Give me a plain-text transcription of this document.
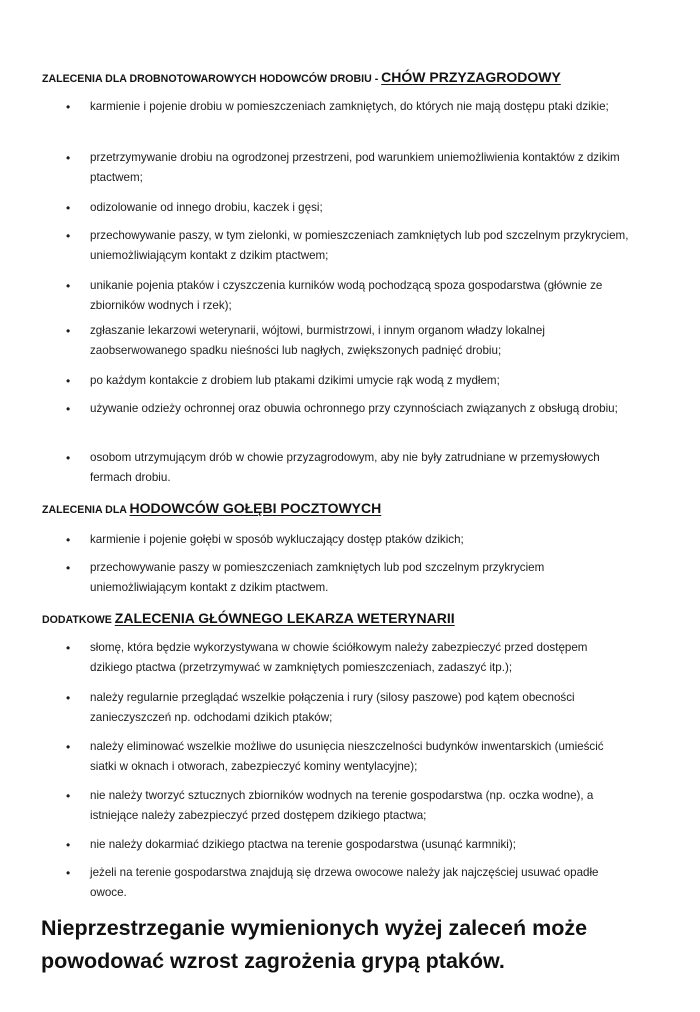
ZALECENIA DLA DROBNOTOWAROWYCH HODOWCÓW DROBIU - CHÓW PRZYZAGRODOWY
• karmienie i pojenie drobiu w pomieszczeniach zamkniętych, do których nie mają dostępu ptaki dzikie;
• przetrzymywanie drobiu na ogrodzonej przestrzeni, pod warunkiem uniemożliwienia kontaktów z dzikim ptactwem;
• odizolowanie od innego drobiu, kaczek i gęsi;
• przechowywanie paszy, w tym zielonki, w pomieszczeniach zamkniętych lub pod szczelnym przykryciem, uniemożliwiającym kontakt z dzikim ptactwem;
• unikanie pojenia ptaków i czyszczenia kurników wodą pochodzącą spoza gospodarstwa (głównie ze zbiorników wodnych i rzek);
• zgłaszanie lekarzowi weterynarii, wójtowi, burmistrzowi, i innym organom władzy lokalnej zaobserwowanego spadku nieśności lub nagłych, zwiększonych padnięć drobiu;
• po każdym kontakcie z drobiem lub ptakami dzikimi umycie rąk wodą z mydłem;
• używanie odzieży ochronnej oraz obuwia ochronnego przy czynnościach związanych z obsługą drobiu;
• osobom utrzymującym drób w chowie przyzagrodowym, aby nie były zatrudniane w przemysłowych fermach drobiu.
ZALECENIA DLA HODOWCÓW GOŁĘBI POCZTOWYCH
• karmienie i pojenie gołębi w sposób wykluczający dostęp ptaków dzikich;
• przechowywanie paszy w pomieszczeniach zamkniętych lub pod szczelnym przykryciem uniemożliwiającym kontakt z dzikim ptactwem.
DODATKOWE ZALECENIA GŁÓWNEGO LEKARZA WETERYNARII
• słomę, która będzie wykorzystywana w chowie ściółkowym należy zabezpieczyć przed dostępem dzikiego ptactwa (przetrzymywać w zamkniętych pomieszczeniach, zadaszyć itp.);
• należy regularnie przeglądać wszelkie połączenia i rury (silosy paszowe) pod kątem obecności zanieczyszczeń np. odchodami dzikich ptaków;
• należy eliminować wszelkie możliwe do usunięcia nieszczelności budynków inwentarskich (umieścić siatki w oknach i otworach, zabezpieczyć kominy wentylacyjne);
• nie należy tworzyć sztucznych zbiorników wodnych na terenie gospodarstwa (np. oczka wodne), a istniejące należy zabezpieczyć przed dostępem dzikiego ptactwa;
• nie należy dokarmiać dzikiego ptactwa na terenie gospodarstwa (usunąć karmniki);
• jeżeli na terenie gospodarstwa znajdują się drzewa owocowe należy jak najczęściej usuwać opadłe owoce.
Nieprzestrzeganie wymienionych wyżej zaleceń może powodować wzrost zagrożenia grypą ptaków.
